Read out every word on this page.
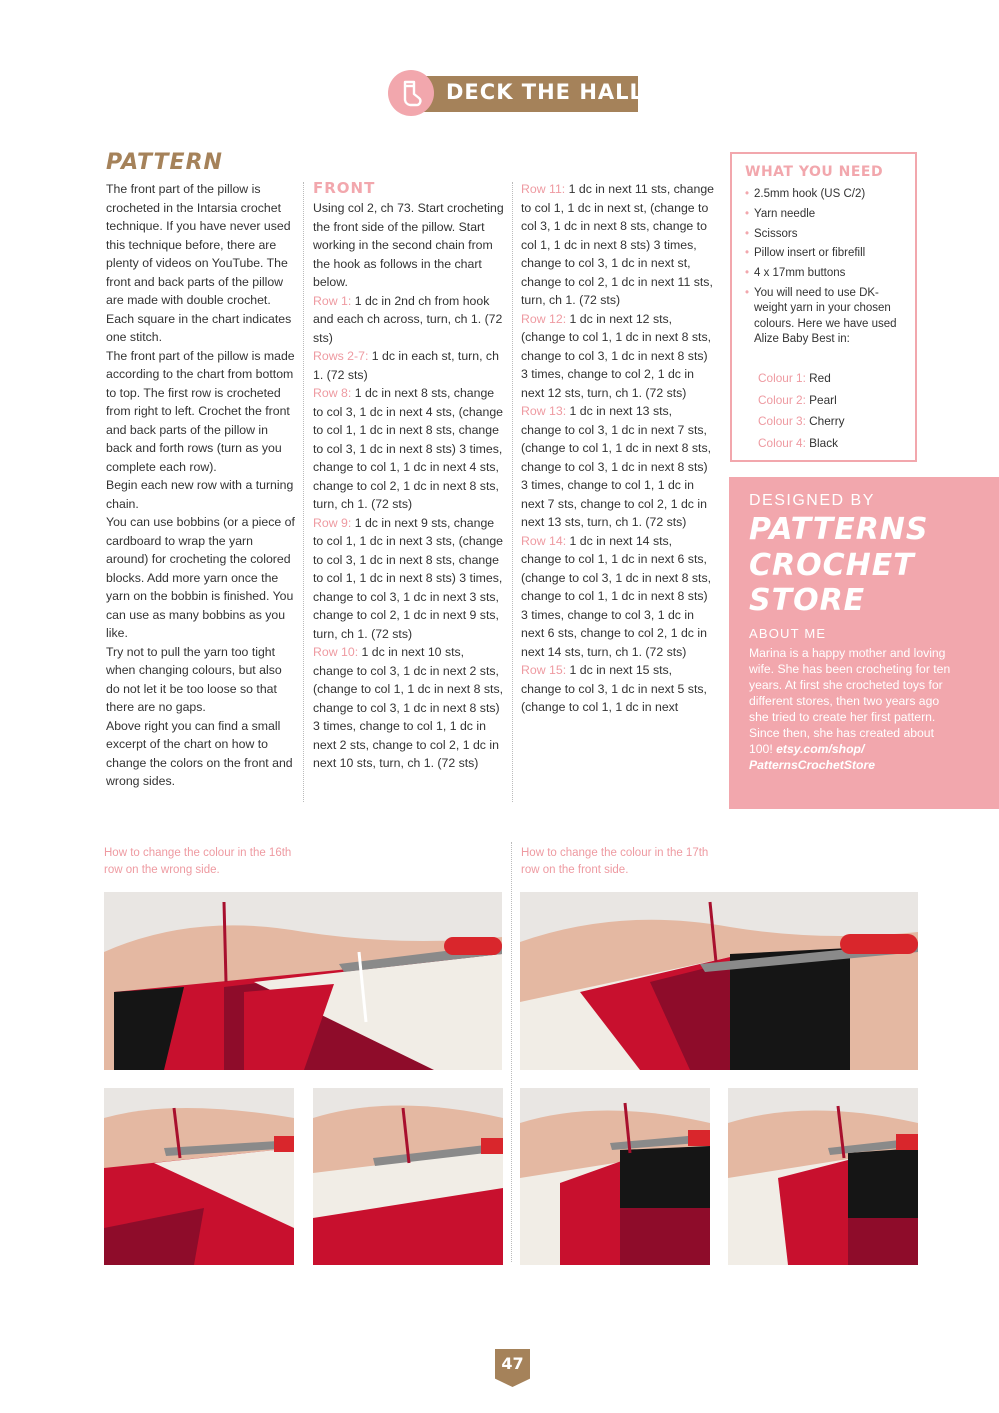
DECK THE HALLS
PATTERN

The front part of the pillow is crocheted in the Intarsia crochet technique. If you have never used this technique before, there are plenty of videos on YouTube. The front and back parts of the pillow are made with double crochet. Each square in the chart indicates one stitch.

The front part of the pillow is made according to the chart from bottom to top. The first row is crocheted from right to left. Crochet the front and back parts of the pillow in back and forth rows (turn as you complete each row).

Begin each new row with a turning chain.

You can use bobbins (or a piece of cardboard to wrap the yarn around) for crocheting the colored blocks. Add more yarn once the yarn on the bobbin is finished. You can use as many bobbins as you like.

Try not to pull the yarn too tight when changing colours, but also do not let it be too loose so that there are no gaps.

Above right you can find a small excerpt of the chart on how to change the colors on the front and wrong sides.

FRONT

Using col 2, ch 73. Start crocheting the front side of the pillow. Start working in the second chain from the hook as follows in the chart below.

Row 1: 1 dc in 2nd ch from hook and each ch across, turn, ch 1. (72 sts)

Rows 2-7: 1 dc in each st, turn, ch 1. (72 sts)

Row 8: 1 dc in next 8 sts, change to col 3, 1 dc in next 4 sts, (change to col 1, 1 dc in next 8 sts, change to col 3, 1 dc in next 8 sts) 3 times, change to col 1, 1 dc in next 4 sts, change to col 2, 1 dc in next 8 sts, turn, ch 1. (72 sts)

Row 9: 1 dc in next 9 sts, change to col 1, 1 dc in next 3 sts, (change to col 3, 1 dc in next 8 sts, change to col 1, 1 dc in next 8 sts) 3 times, change to col 3, 1 dc in next 3 sts, change to col 2, 1 dc in next 9 sts, turn, ch 1. (72 sts)

Row 10: 1 dc in next 10 sts, change to col 3, 1 dc in next 2 sts, (change to col 1, 1 dc in next 8 sts, change to col 3, 1 dc in next 8 sts) 3 times, change to col 1, 1 dc in next 2 sts, change to col 2, 1 dc in next 10 sts, turn, ch 1. (72 sts)

Row 11: 1 dc in next 11 sts, change to col 1, 1 dc in next st, (change to col 3, 1 dc in next 8 sts, change to col 1, 1 dc in next 8 sts) 3 times, change to col 3, 1 dc in next st, change to col 2, 1 dc in next 11 sts, turn, ch 1. (72 sts)

Row 12: 1 dc in next 12 sts, (change to col 1, 1 dc in next 8 sts, change to col 3, 1 dc in next 8 sts) 3 times, change to col 2, 1 dc in next 12 sts, turn, ch 1. (72 sts)

Row 13: 1 dc in next 13 sts, change to col 3, 1 dc in next 7 sts, (change to col 1, 1 dc in next 8 sts, change to col 3, 1 dc in next 8 sts) 3 times, change to col 1, 1 dc in next 7 sts, change to col 2, 1 dc in next 13 sts, turn, ch 1. (72 sts)

Row 14: 1 dc in next 14 sts, change to col 1, 1 dc in next 6 sts, (change to col 3, 1 dc in next 8 sts, change to col 1, 1 dc in next 8 sts) 3 times, change to col 3, 1 dc in next 6 sts, change to col 2, 1 dc in next 14 sts, turn, ch 1. (72 sts)

Row 15: 1 dc in next 15 sts, change to col 3, 1 dc in next 5 sts, (change to col 1, 1 dc in next

WHAT YOU NEED
• 2.5mm hook (US C/2)
• Yarn needle
• Scissors
• Pillow insert or fibrefill
• 4 x 17mm buttons
• You will need to use DK-weight yarn in your chosen colours. Here we have used Alize Baby Best in:
Colour 1: Red
Colour 2: Pearl
Colour 3: Cherry
Colour 4: Black
DESIGNED BY
PATTERNS
CROCHET
STORE
ABOUT ME
Marina is a happy mother and loving wife. She has been crocheting for ten years. At first she crocheted toys for different stores, then two years ago she tried to create her first pattern. Since then, she has created about 100! etsy.com/shop/ PatternsCrochetStore
How to change the colour in the 16th row on the wrong side.
How to change the colour in the 17th row on the front side.
47
